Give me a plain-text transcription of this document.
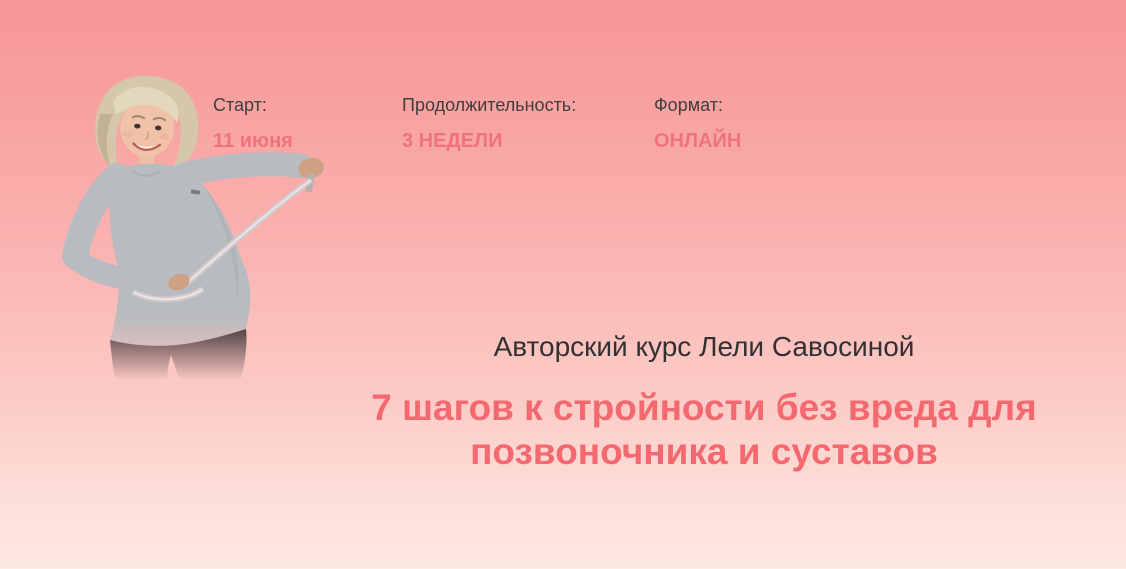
Старт:
11 июня
Продолжительность:
3 НЕДЕЛИ
Формат:
ОНЛАЙН
Авторский курс Лели Савосиной
7 шагов к стройности без вреда для позвоночника и суставов
